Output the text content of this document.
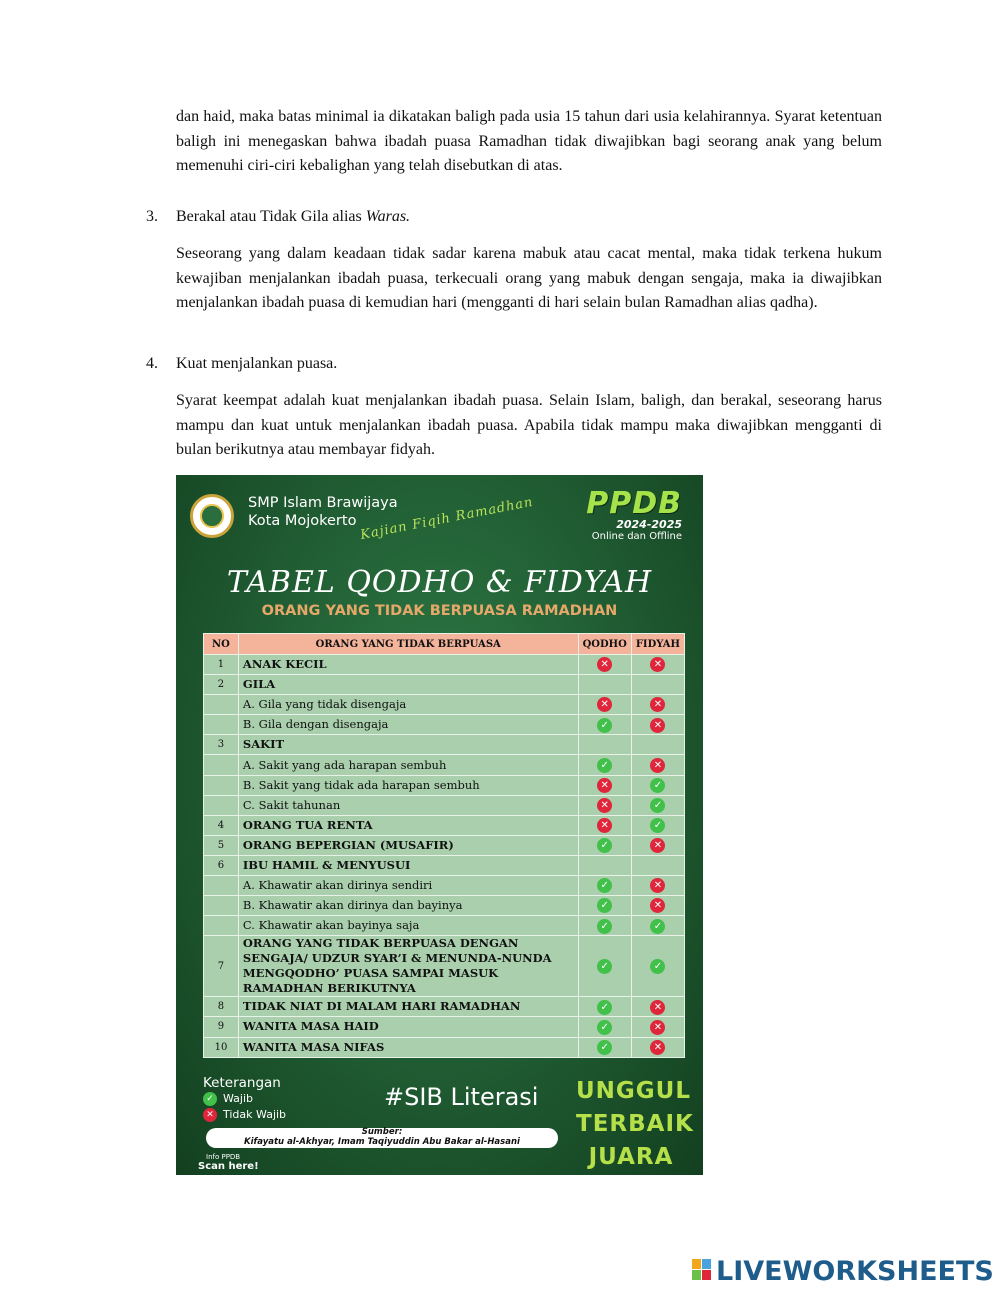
dan haid, maka batas minimal ia dikatakan baligh pada usia 15 tahun dari usia kelahirannya. Syarat ketentuan baligh ini menegaskan bahwa ibadah puasa Ramadhan tidak diwajibkan bagi seorang anak yang belum memenuhi ciri-ciri kebalighan yang telah disebutkan di atas.

3. Berakal atau Tidak Gila alias Waras.

Seseorang yang dalam keadaan tidak sadar karena mabuk atau cacat mental, maka tidak terkena hukum kewajiban menjalankan ibadah puasa, terkecuali orang yang mabuk dengan sengaja, maka ia diwajibkan menjalankan ibadah puasa di kemudian hari (mengganti di hari selain bulan Ramadhan alias qadha).

4. Kuat menjalankan puasa.

Syarat keempat adalah kuat menjalankan ibadah puasa. Selain Islam, baligh, dan berakal, seseorang harus mampu dan kuat untuk menjalankan ibadah puasa. Apabila tidak mampu maka diwajibkan mengganti di bulan berikutnya atau membayar fidyah.

SMP Islam Brawijaya
Kota Mojokerto	PPDB
2024-2025
Online dan Offline
Kajian Fiqih Ramadhan
TABEL QODHO & FIDYAH
ORANG YANG TIDAK BERPUASA RAMADHAN
NO	ORANG YANG TIDAK BERPUASA	QODHO	FIDYAH
1	ANAK KECIL	✕	✕
2	GILA		
	A. Gila yang tidak disengaja	✕	✕
	B. Gila dengan disengaja	✓	✕
3	SAKIT		
	A. Sakit yang ada harapan sembuh	✓	✕
	B. Sakit yang tidak ada harapan sembuh	✕	✓
	C. Sakit tahunan	✕	✓
4	ORANG TUA RENTA	✕	✓
5	ORANG BEPERGIAN (MUSAFIR)	✓	✕
6	IBU HAMIL & MENYUSUI		
	A. Khawatir akan dirinya sendiri	✓	✕
	B. Khawatir akan dirinya dan bayinya	✓	✕
	C. Khawatir akan bayinya saja	✓	✓
7	ORANG YANG TIDAK BERPUASA DENGAN SENGAJA/ UDZUR SYAR’I & MENUNDA-NUNDA MENGQODHO’ PUASA SAMPAI MASUK RAMADHAN BERIKUTNYA	✓	✓
8	TIDAK NIAT DI MALAM HARI RAMADHAN	✓	✕
9	WANITA MASA HAID	✓	✕
10	WANITA MASA NIFAS	✓	✕
Keterangan
✓ Wajib
✕ Tidak Wajib
#SIB Literasi UNGGUL
TERBAIK
JUARA
Sumber:
Kifayatu al-Akhyar, Imam Taqiyuddin Abu Bakar al-Hasani
Info PPDB
Scan here!
LIVEWORKSHEETS
